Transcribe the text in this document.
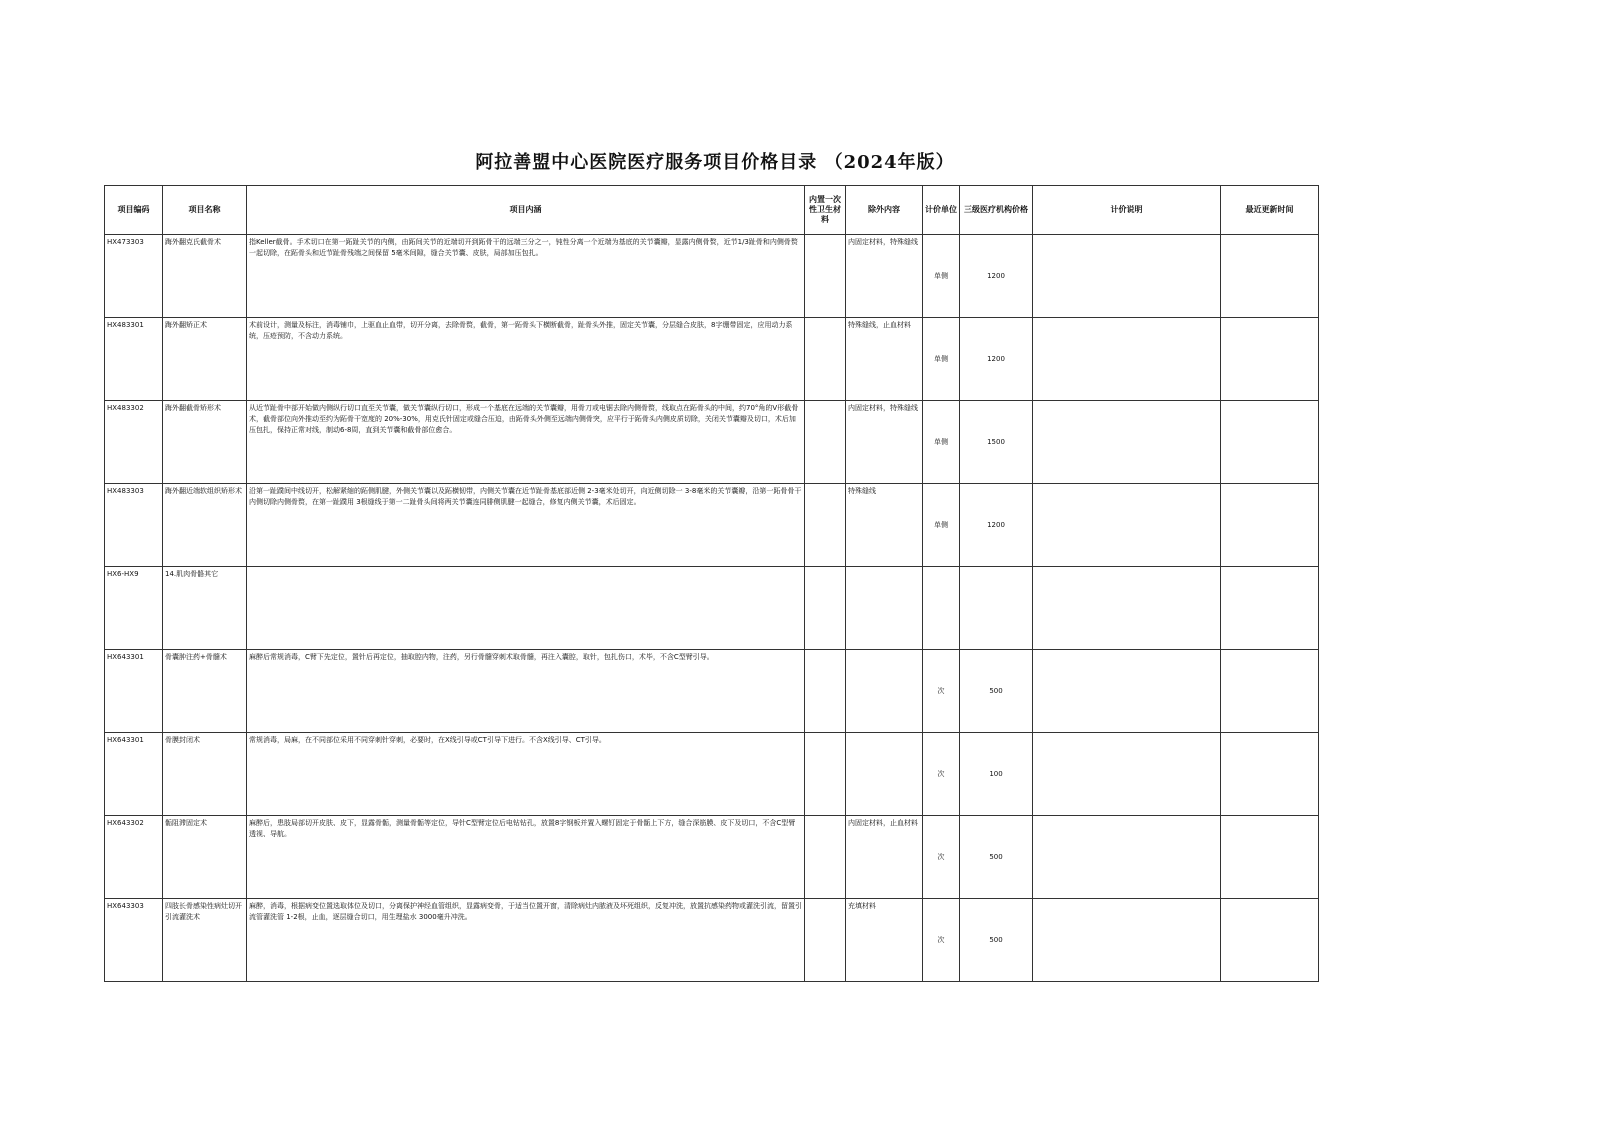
阿拉善盟中心医院医疗服务项目价格目录 （2024年版）
项目编码	项目名称	项目内涵	内置一次性卫生材料	除外内容	计价单位	三级医疗机构价格	计价说明	最近更新时间
HX473303	踇外翻克氏截骨术	指Keller截骨。手术切口在第一跖趾关节的内侧，由跖间关节的近端切开到跖骨干的远端三分之一，钝性分离一个近端为基底的关节囊瓣，显露内侧骨赘，近节1/3趾骨和内侧骨赘一起切除，在跖骨头和近节趾骨残端之间保留 5毫米间隙，缝合关节囊、皮肤，局部加压包扎。		内固定材料，特殊缝线	单侧	1200		
HX483301	踇外翻矫正术	术前设计，测量及标注，消毒铺巾，上驱血止血带，切开分离，去除骨赘，截骨，第一跖骨头下横断截骨，趾骨头外推，固定关节囊，分层缝合皮肤，8字绷带固定，应用动力系统，压疮预防，不含动力系统。		特殊缝线，止血材料	单侧	1200		
HX483302	踇外翻截骨矫形术	从近节趾骨中部开始做内侧纵行切口直至关节囊，做关节囊纵行切口，形成一个基底在远端的关节囊瓣，用骨刀或电锯去除内侧骨赘，线取点在跖骨头的中间，约70°角的V形截骨术，截骨部位向外推动至约为跖骨干宽度的 20%-30%，用克氏针固定或缝合压迫，由跖骨头外侧至远端内侧骨突，应平行于跖骨头内侧皮质切除，关闭关节囊瓣及切口，术后加压包扎，保持正常对线，制动6-8周，直到关节囊和截骨部位愈合。		内固定材料，特殊缝线	单侧	1500		
HX483303	踇外翻近端软组织矫形术	沿第一趾蹼间中线切开，松解紧缩的跖侧肌腱，外侧关节囊以及跖横韧带，内侧关节囊在近节趾骨基底部近侧 2-3毫米处切开，向近侧切除一 3-8毫米的关节囊瓣，沿第一跖骨骨干内侧切除内侧骨赘，在第一趾蹼用 3根缝线于第一二趾骨头间将两关节囊连同腓侧肌腱一起缝合，修复内侧关节囊，术后固定。		特殊缝线	单侧	1200		
HX6-HX9	14.肌肉骨骼其它							
HX643301	骨囊肿注药+骨髓术	麻醉后常规消毒，C臂下先定位，置针后再定位，抽取腔内物，注药，另行骨髓穿刺术取骨髓，再注入囊腔，取针，包扎伤口，术毕，不含C型臂引导。			次	500		
HX643301	骨膜封闭术	常规消毒，局麻，在不同部位采用不同穿刺针穿刺，必要时，在X线引导或CT引导下进行。不含X线引导、CT引导。			次	100		
HX643302	骺阻滞固定术	麻醉后，患肢局部切开皮肤、皮下，显露骨骺，测量骨骺等定位，导针C型臂定位后电钻钻孔，放置8字钢板并置入螺钉固定于骨骺上下方，缝合深筋膜、皮下及切口，不含C型臂透视、导航。		内固定材料，止血材料	次	500		
HX643303	四肢长骨感染性病灶切开引流灌洗术	麻醉，消毒，根据病变位置选取体位及切口，分离保护神经血管组织，显露病变骨，于适当位置开窗，清除病灶内脓液及坏死组织，反复冲洗，放置抗感染药物或灌洗引流，留置引流管灌洗管 1-2根，止血，逐层缝合切口，用生理盐水 3000毫升冲洗。		充填材料	次	500		
